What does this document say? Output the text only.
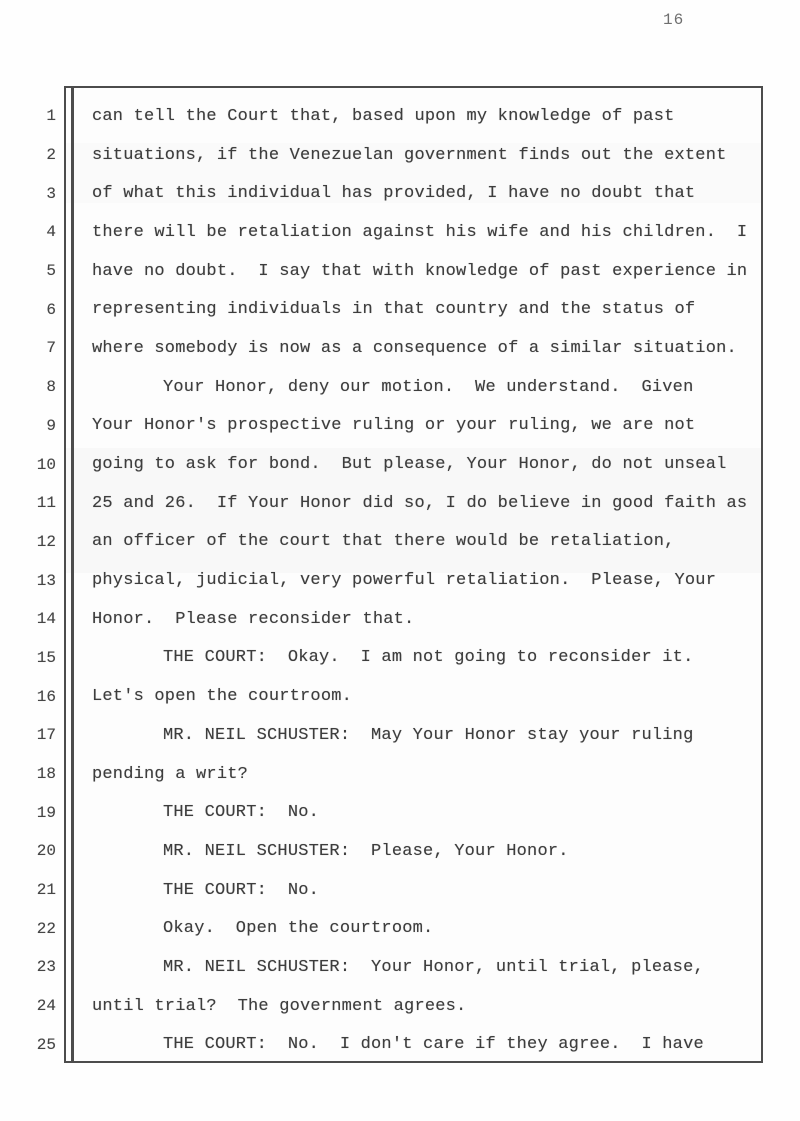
16
1 can tell the Court that, based upon my knowledge of past
2 situations, if the Venezuelan government finds out the extent
3 of what this individual has provided, I have no doubt that
4 there will be retaliation against his wife and his children.  I
5 have no doubt.  I say that with knowledge of past experience in
6 representing individuals in that country and the status of
7 where somebody is now as a consequence of a similar situation.
8	Your Honor, deny our motion.  We understand.  Given
9 Your Honor's prospective ruling or your ruling, we are not
10 going to ask for bond.  But please, Your Honor, do not unseal
11 25 and 26.  If Your Honor did so, I do believe in good faith as
12 an officer of the court that there would be retaliation,
13 physical, judicial, very powerful retaliation.  Please, Your
14 Honor.  Please reconsider that.
15	THE COURT:  Okay.  I am not going to reconsider it.
16 Let's open the courtroom.
17	MR. NEIL SCHUSTER:  May Your Honor stay your ruling
18 pending a writ?
19	THE COURT:  No.
20	MR. NEIL SCHUSTER:  Please, Your Honor.
21	THE COURT:  No.
22	Okay.  Open the courtroom.
23	MR. NEIL SCHUSTER:  Your Honor, until trial, please,
24 until trial?  The government agrees.
25	THE COURT:  No.  I don't care if they agree.  I have
